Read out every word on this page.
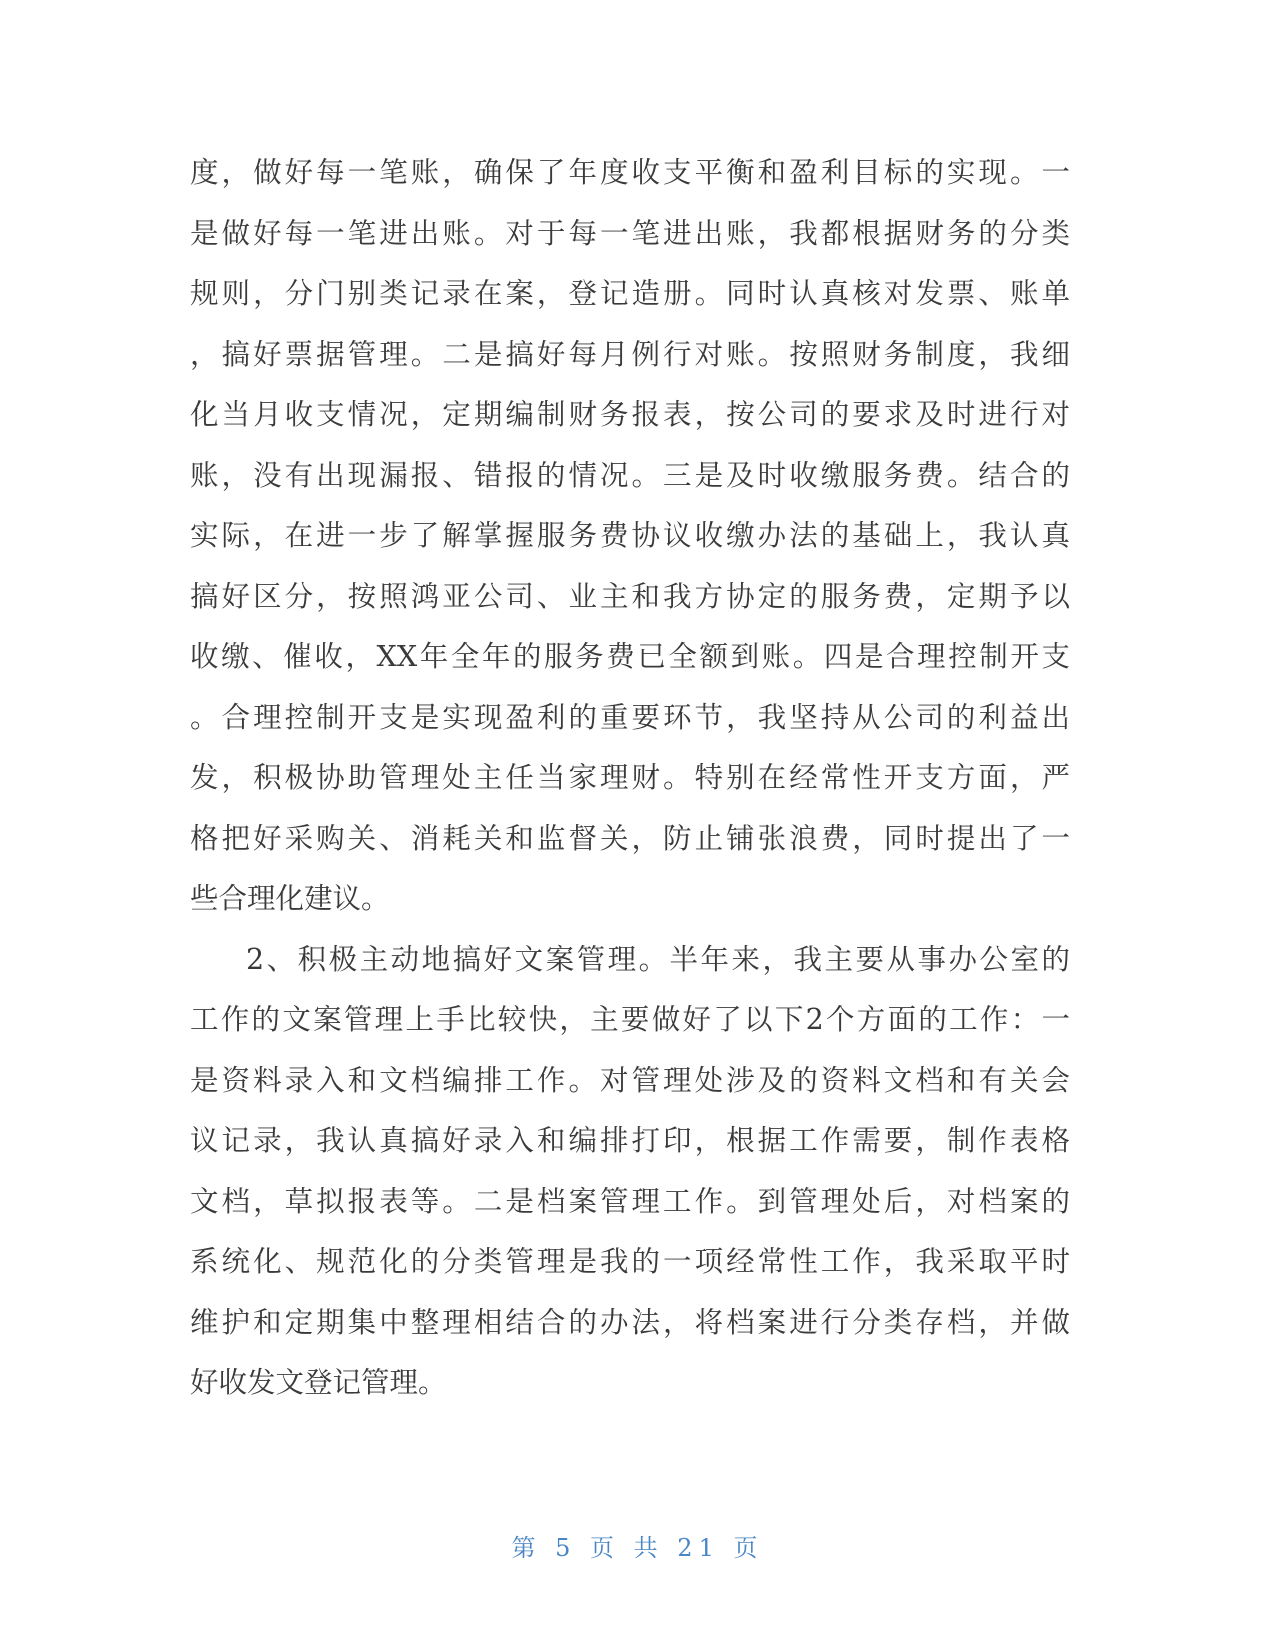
度，做好每一笔账，确保了年度收支平衡和盈利目标的实现。一
是做好每一笔进出账。对于每一笔进出账，我都根据财务的分类
规则，分门别类记录在案，登记造册。同时认真核对发票、账单
，搞好票据管理。二是搞好每月例行对账。按照财务制度，我细
化当月收支情况，定期编制财务报表，按公司的要求及时进行对
账，没有出现漏报、错报的情况。三是及时收缴服务费。结合的
实际，在进一步了解掌握服务费协议收缴办法的基础上，我认真
搞好区分，按照鸿亚公司、业主和我方协定的服务费，定期予以
收缴、催收，XX年全年的服务费已全额到账。四是合理控制开支
。合理控制开支是实现盈利的重要环节，我坚持从公司的利益出
发，积极协助管理处主任当家理财。特别在经常性开支方面，严
格把好采购关、消耗关和监督关，防止铺张浪费，同时提出了一
些合理化建议。
2、积极主动地搞好文案管理。半年来，我主要从事办公室的
工作的文案管理上手比较快，主要做好了以下2个方面的工作：一
是资料录入和文档编排工作。对管理处涉及的资料文档和有关会
议记录，我认真搞好录入和编排打印，根据工作需要，制作表格
文档，草拟报表等。二是档案管理工作。到管理处后，对档案的
系统化、规范化的分类管理是我的一项经常性工作，我采取平时
维护和定期集中整理相结合的办法，将档案进行分类存档，并做
好收发文登记管理。
第 5 页 共 21 页
